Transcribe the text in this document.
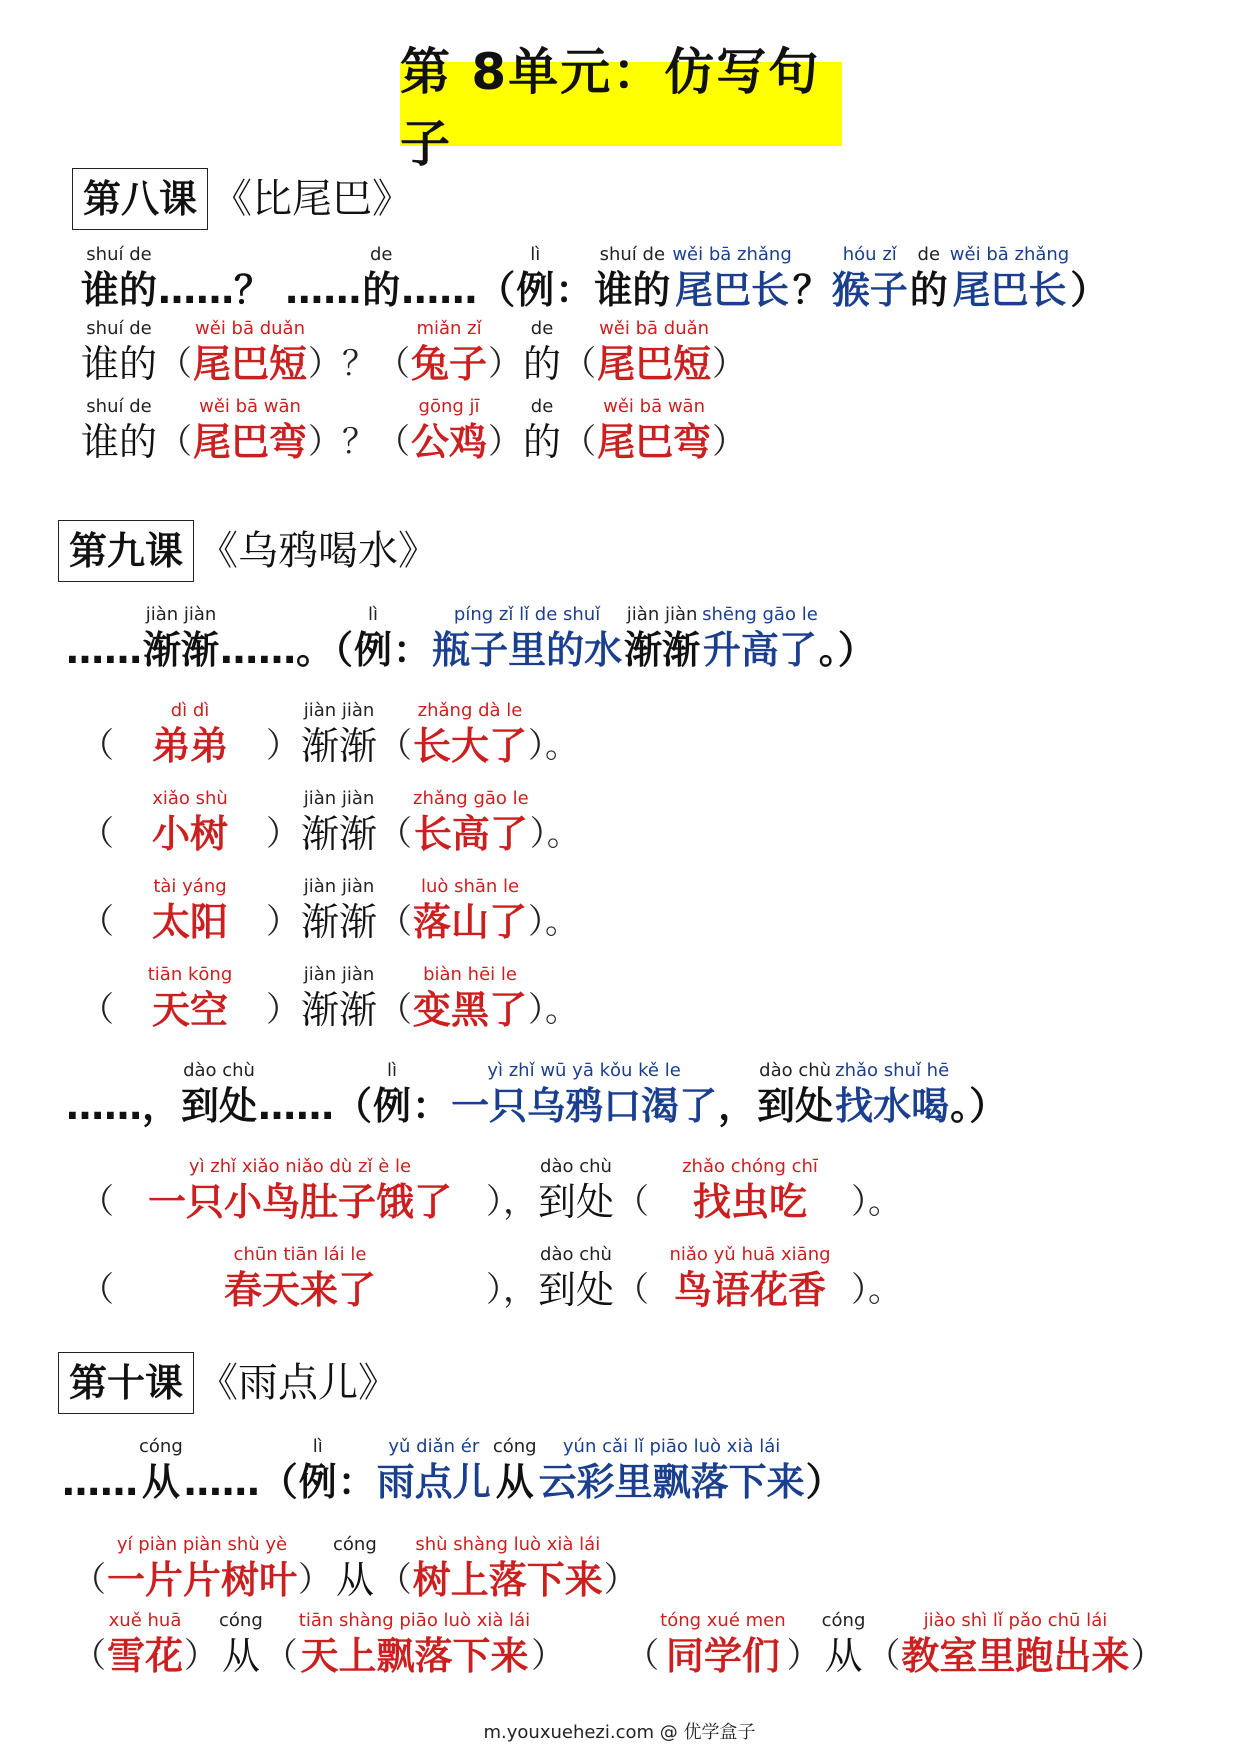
第 8单元：仿写句子
第八课 《比尾巴》
shuí de
谁的 ……？ ……
de
的 ……（
lì
例 ：
shuí de
谁的
wěi bā zhǎng
尾巴长 ？
hóu zǐ
猴子
de
的
wěi bā zhǎng
尾巴长 ）
shuí de
谁的 （
wěi bā duǎn
尾巴短 ）？（
miǎn zǐ
兔子 ）
de
的 （
wěi bā duǎn
尾巴短 ）
shuí de
谁的 （
wěi bā wān
尾巴弯 ）？（
gōng jī
公鸡 ）
de
的 （
wěi bā wān
尾巴弯 ）
第九课 《乌鸦喝水》
……
jiàn jiàn
渐渐 ……。（
lì
例 ：
píng zǐ lǐ de shuǐ
瓶子里的水
jiàn jiàn
渐渐
shēng gāo le
升高了 。）
（
dì dì
弟弟 ）
jiàn jiàn
渐渐 （
zhǎng dà le
长大了 ）。
（
xiǎo shù
小树 ）
jiàn jiàn
渐渐 （
zhǎng gāo le
长高了 ）。
（
tài yáng
太阳 ）
jiàn jiàn
渐渐 （
luò shān le
落山了 ）。
（
tiān kōng
天空 ）
jiàn jiàn
渐渐 （
biàn hēi le
变黑了 ）。
……，
dào chù
到处 ……（
lì
例 ：
yì zhǐ wū yā kǒu kě le
一只乌鸦口渴了 ，
dào chù
到处
zhǎo shuǐ hē
找水喝 。）
（
yì zhǐ xiǎo niǎo dù zǐ è le
一只小鸟肚子饿了 ），
dào chù
到处 （
zhǎo chóng chī
找虫吃 ）。
（
chūn tiān lái le
春天来了	），
dào chù
到处 （
niǎo yǔ huā xiāng
鸟语花香 ）。
第十课 《雨点儿》
……
cóng
从 ……（
lì
例 ：
yǔ diǎn ér
雨点儿
cóng
从
yún cǎi lǐ piāo luò xià lái
云彩里飘落下来 ）
（
yí piàn piàn shù yè
一片片树叶 ）
cóng
从 （
shù shàng luò xià lái
树上落下来 ）
（
xuě huā
雪花 ）
cóng
从 （
tiān shàng piāo luò xià lái
天上飘落下来 ） （
tóng xué men
同学们 ）
cóng
从 （
jiào shì lǐ pǎo chū lái
教室里跑出来 ）
m.youxuehezi.com @ 优学盒子
